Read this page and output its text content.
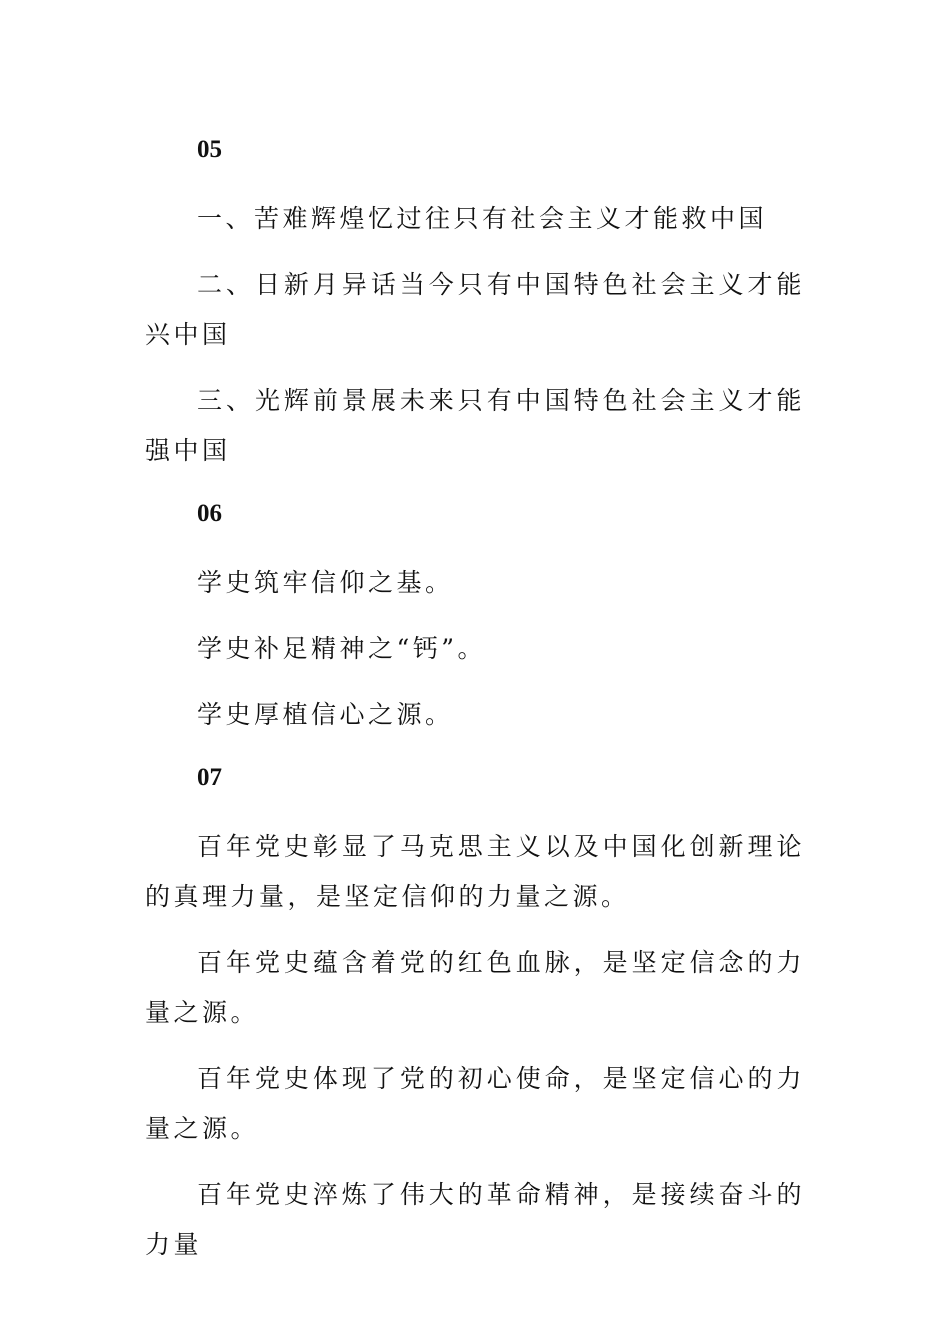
05

一、苦难辉煌忆过往只有社会主义才能救中国

二、日新月异话当今只有中国特色社会主义才能兴中国

三、光辉前景展未来只有中国特色社会主义才能强中国

06

学史筑牢信仰之基。

学史补足精神之“钙”。

学史厚植信心之源。

07

百年党史彰显了马克思主义以及中国化创新理论的真理力量，是坚定信仰的力量之源。

百年党史蕴含着党的红色血脉，是坚定信念的力量之源。

百年党史体现了党的初心使命，是坚定信心的力量之源。

百年党史淬炼了伟大的革命精神，是接续奋斗的力量
